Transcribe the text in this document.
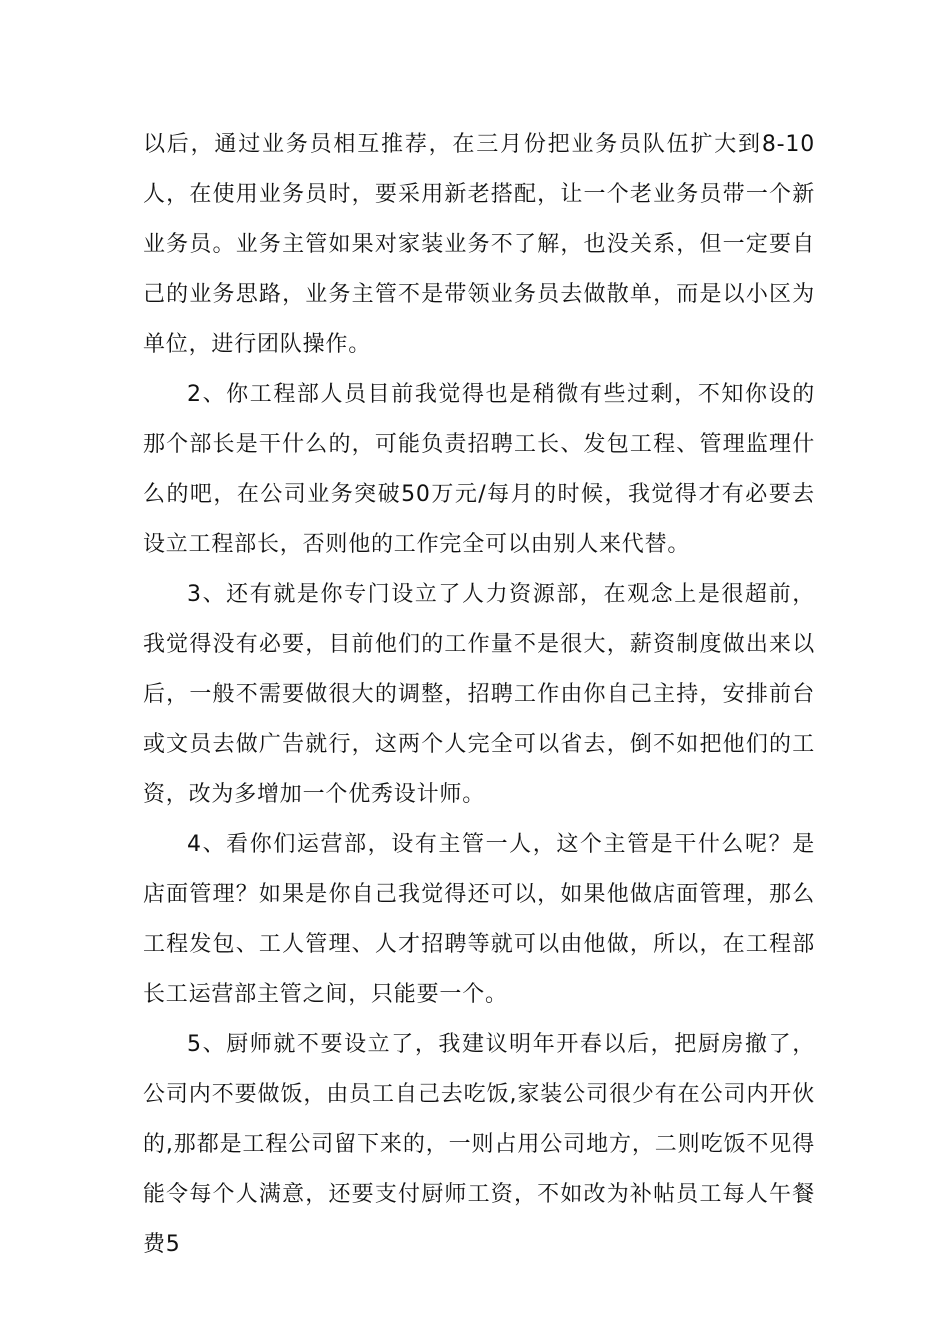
以后，通过业务员相互推荐，在三月份把业务员队伍扩大到8-10人，在使用业务员时，要采用新老搭配，让一个老业务员带一个新业务员。业务主管如果对家装业务不了解，也没关系，但一定要自己的业务思路，业务主管不是带领业务员去做散单，而是以小区为单位，进行团队操作。

2、你工程部人员目前我觉得也是稍微有些过剩，不知你设的那个部长是干什么的，可能负责招聘工长、发包工程、管理监理什么的吧，在公司业务突破50万元/每月的时候，我觉得才有必要去设立工程部长，否则他的工作完全可以由别人来代替。

3、还有就是你专门设立了人力资源部，在观念上是很超前，我觉得没有必要，目前他们的工作量不是很大，薪资制度做出来以后，一般不需要做很大的调整，招聘工作由你自己主持，安排前台或文员去做广告就行，这两个人完全可以省去，倒不如把他们的工资，改为多增加一个优秀设计师。

4、看你们运营部，设有主管一人，这个主管是干什么呢？是店面管理？如果是你自己我觉得还可以，如果他做店面管理，那么工程发包、工人管理、人才招聘等就可以由他做，所以，在工程部长工运营部主管之间，只能要一个。

5、厨师就不要设立了，我建议明年开春以后，把厨房撤了，公司内不要做饭，由员工自己去吃饭,家装公司很少有在公司内开伙的,那都是工程公司留下来的，一则占用公司地方，二则吃饭不见得能令每个人满意，还要支付厨师工资，不如改为补帖员工每人午餐费5
